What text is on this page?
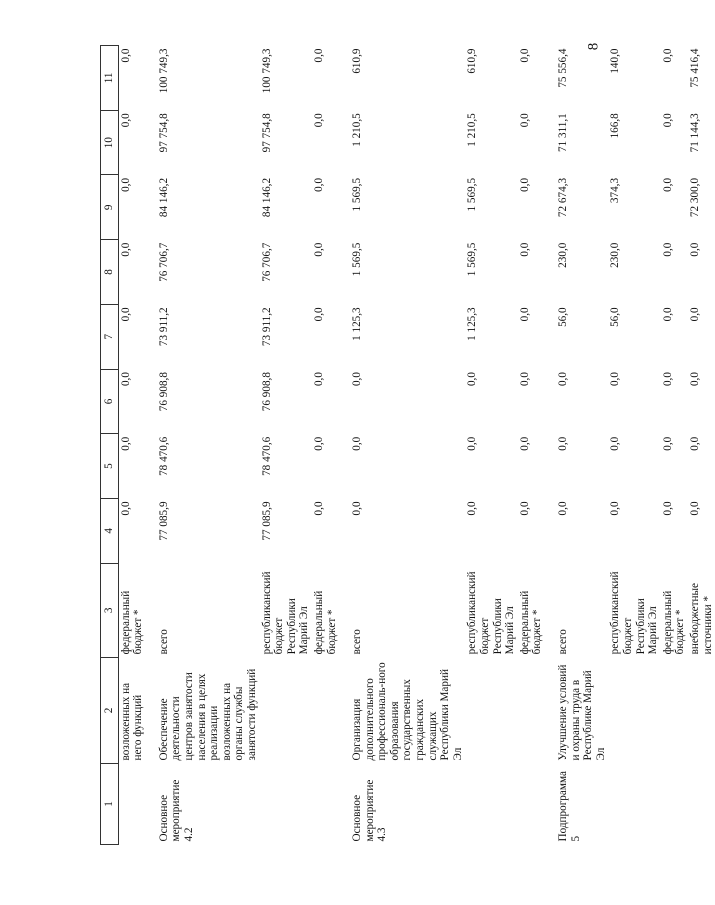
8
1	2	3	4	5	6	7	8	9	10	11
	возложенных на него функций	федеральный бюджет *	0,0	0,0	0,0	0,0	0,0	0,0	0,0	0,0
Основное мероприятие 4.2	Обеспечение деятельности центров занятости населения в целях реализации возложенных на органы службы занятости функций	всего	77 085,9	78 470,6	76 908,8	73 911,2	76 706,7	84 146,2	97 754,8	100 749,3
		республиканский бюджет Республики Марий Эл	77 085,9	78 470,6	76 908,8	73 911,2	76 706,7	84 146,2	97 754,8	100 749,3
		федеральный бюджет *	0,0	0,0	0,0	0,0	0,0	0,0	0,0	0,0
Основное мероприятие 4.3	Организация дополнительного профессиональ-ного образования государственных гражданских служащих Республики Марий Эл	всего	0,0	0,0	0,0	1 125,3	1 569,5	1 569,5	1 210,5	610,9
		республиканский бюджет Республики Марий Эл	0,0	0,0	0,0	1 125,3	1 569,5	1 569,5	1 210,5	610,9
		федеральный бюджет *	0,0	0,0	0,0	0,0	0,0	0,0	0,0	0,0
Подпрограмма 5	Улучшение условий и охраны труда в Республике Марий Эл	всего	0,0	0,0	0,0	56,0	230,0	72 674,3	71 311,1	75 556,4
		республиканский бюджет Республики Марий Эл	0,0	0,0	0,0	56,0	230,0	374,3	166,8	140,0
		федеральный бюджет *	0,0	0,0	0,0	0,0	0,0	0,0	0,0	0,0
		внебюджетные источники *	0,0	0,0	0,0	0,0	0,0	72 300,0	71 144,3	75 416,4
